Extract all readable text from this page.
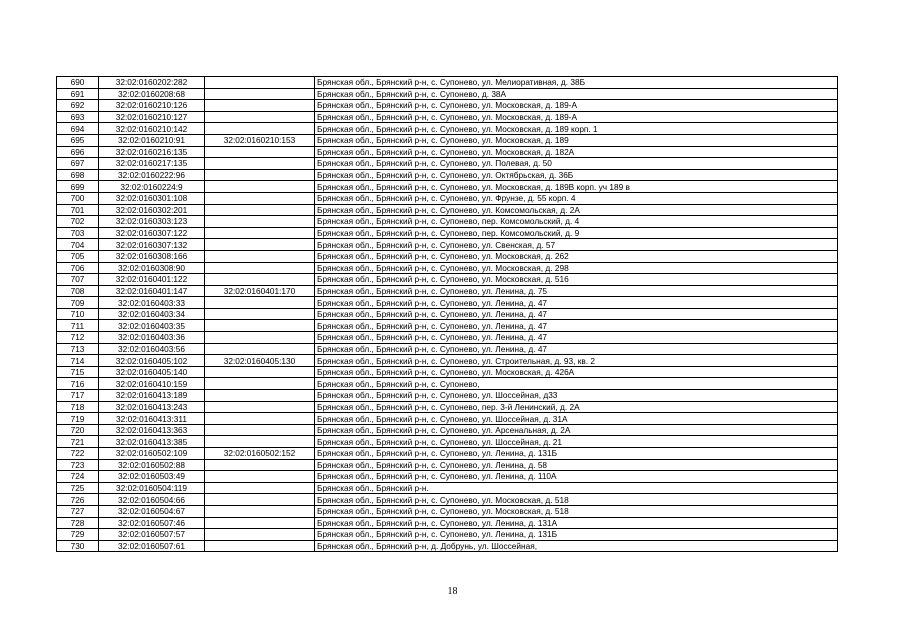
690	32:02:0160202:282		Брянская обл., Брянский р-н, с. Супонево, ул. Мелиоративная, д. 38Б
691	32:02:0160208:68		Брянская обл., Брянский р-н, с. Супонево, д. 38А
692	32:02:0160210:126		Брянская обл., Брянский р-н, с. Супонево, ул. Московская, д. 189-А
693	32:02:0160210:127		Брянская обл., Брянский р-н, с. Супонево, ул. Московская, д. 189-А
694	32:02:0160210:142		Брянская обл., Брянский р-н, с. Супонево, ул. Московская, д. 189 корп. 1
695	32:02:0160210:91	32:02:0160210:153	Брянская обл., Брянский р-н, с. Супонево, ул. Московская, д. 189
696	32:02:0160216:135		Брянская обл., Брянский р-н, с. Супонево, ул. Московская, д. 182А
697	32:02:0160217:135		Брянская обл., Брянский р-н, с. Супонево, ул. Полевая, д. 50
698	32:02:0160222:96		Брянская обл., Брянский р-н, с. Супонево, ул. Октябрьская, д. 36Б
699	32:02:0160224:9		Брянская обл., Брянский р-н, с. Супонево, ул. Московская, д. 189В корп. уч 189 в
700	32:02:0160301:108		Брянская обл., Брянский р-н, с. Супонево, ул. Фрунзе, д. 55 корп. 4
701	32:02:0160302:201		Брянская обл., Брянский р-н, с. Супонево, ул. Комсомольская, д. 2А
702	32:02:0160303:123		Брянская обл., Брянский р-н, с. Супонево, пер. Комсомольский, д. 4
703	32:02:0160307:122		Брянская обл., Брянский р-н, с. Супонево, пер. Комсомольский, д. 9
704	32:02:0160307:132		Брянская обл., Брянский р-н, с. Супонево, ул. Свенская, д. 57
705	32:02:0160308:166		Брянская обл., Брянский р-н, с. Супонево, ул. Московская, д. 262
706	32:02:0160308:90		Брянская обл., Брянский р-н, с. Супонево, ул. Московская, д. 298
707	32:02:0160401:122		Брянская обл., Брянский р-н, с. Супонево, ул. Московская, д. 516
708	32:02:0160401:147	32:02:0160401:170	Брянская обл., Брянский р-н, с. Супонево, ул. Ленина, д. 75
709	32:02:0160403:33		Брянская обл., Брянский р-н, с. Супонево, ул. Ленина, д. 47
710	32:02:0160403:34		Брянская обл., Брянский р-н, с. Супонево, ул. Ленина, д. 47
711	32:02:0160403:35		Брянская обл., Брянский р-н, с. Супонево, ул. Ленина, д. 47
712	32:02:0160403:36		Брянская обл., Брянский р-н, с. Супонево, ул. Ленина, д. 47
713	32:02:0160403:56		Брянская обл., Брянский р-н, с. Супонево, ул. Ленина, д. 47
714	32:02:0160405:102	32:02:0160405:130	Брянская обл., Брянский р-н, с. Супонево, ул. Строительная, д. 93, кв. 2
715	32:02:0160405:140		Брянская обл., Брянский р-н, с. Супонево, ул. Московская, д. 426А
716	32:02:0160410:159		Брянская обл., Брянский р-н, с. Супонево,
717	32:02:0160413:189		Брянская обл., Брянский р-н, с. Супонево, ул. Шоссейная, д33
718	32:02:0160413:243		Брянская обл., Брянский р-н, с. Супонево, пер. 3-й Ленинский, д. 2А
719	32:02:0160413:311		Брянская обл., Брянский р-н, с. Супонево, ул. Шоссейная, д. 31А
720	32:02:0160413:363		Брянская обл., Брянский р-н, с. Супонево, ул. Арсенальная, д. 2А
721	32:02:0160413:385		Брянская обл., Брянский р-н, с. Супонево, ул. Шоссейная, д. 21
722	32:02:0160502:109	32:02:0160502:152	Брянская обл., Брянский р-н, с. Супонево, ул. Ленина, д. 131Б
723	32:02:0160502:88		Брянская обл., Брянский р-н, с. Супонево, ул. Ленина, д. 58
724	32:02:0160503:49		Брянская обл., Брянский р-н, с. Супонево, ул. Ленина, д. 110А
725	32:02:0160504:119		Брянская обл., Брянский р-н.
726	32:02:0160504:66		Брянская обл., Брянский р-н, с. Супонево, ул. Московская, д. 518
727	32:02:0160504:67		Брянская обл., Брянский р-н, с. Супонево, ул. Московская, д. 518
728	32:02:0160507:46		Брянская обл., Брянский р-н, с. Супонево, ул. Ленина, д. 131А
729	32:02:0160507:57		Брянская обл., Брянский р-н, с. Супонево, ул. Ленина, д. 131Б
730	32:02:0160507:61		Брянская обл., Брянский р-н, д. Добрунь, ул. Шоссейная,
18
